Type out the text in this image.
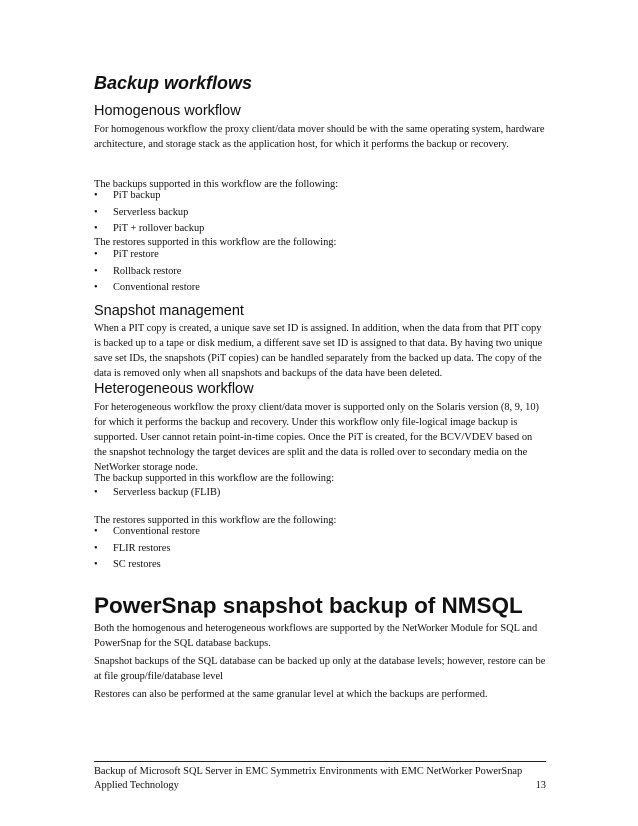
Backup workflows
Homogenous workflow

For homogenous workflow the proxy client/data mover should be with the same operating system, hardware architecture, and storage stack as the application host, for which it performs the backup or recovery.

The backups supported in this workflow are the following:

• PiT backup
• Serverless backup
• PiT + rollover backup

The restores supported in this workflow are the following:

• PiT restore
• Rollback restore
• Conventional restore
Snapshot management

When a PIT copy is created, a unique save set ID is assigned. In addition, when the data from that PIT copy is backed up to a tape or disk medium, a different save set ID is assigned to that data. By having two unique save set IDs, the snapshots (PiT copies) can be handled separately from the backed up data. The copy of the data is removed only when all snapshots and backups of the data have been deleted.

Heterogeneous workflow

For heterogeneous workflow the proxy client/data mover is supported only on the Solaris version (8, 9, 10) for which it performs the backup and recovery. Under this workflow only file-logical image backup is supported. User cannot retain point-in-time copies. Once the PiT is created, for the BCV/VDEV based on the snapshot technology the target devices are split and the data is rolled over to secondary media on the NetWorker storage node.

The backup supported in this workflow are the following:

• Serverless backup (FLIB)

The restores supported in this workflow are the following:

• Conventional restore
• FLIR restores
• SC restores
PowerSnap snapshot backup of NMSQL

Both the homogenous and heterogeneous workflows are supported by the NetWorker Module for SQL and PowerSnap for the SQL database backups.

Snapshot backups of the SQL database can be backed up only at the database levels; however, restore can be at file group/file/database level

Restores can also be performed at the same granular level at which the backups are performed.

Backup of Microsoft SQL Server in EMC Symmetrix Environments with EMC NetWorker PowerSnap
Applied Technology	13
